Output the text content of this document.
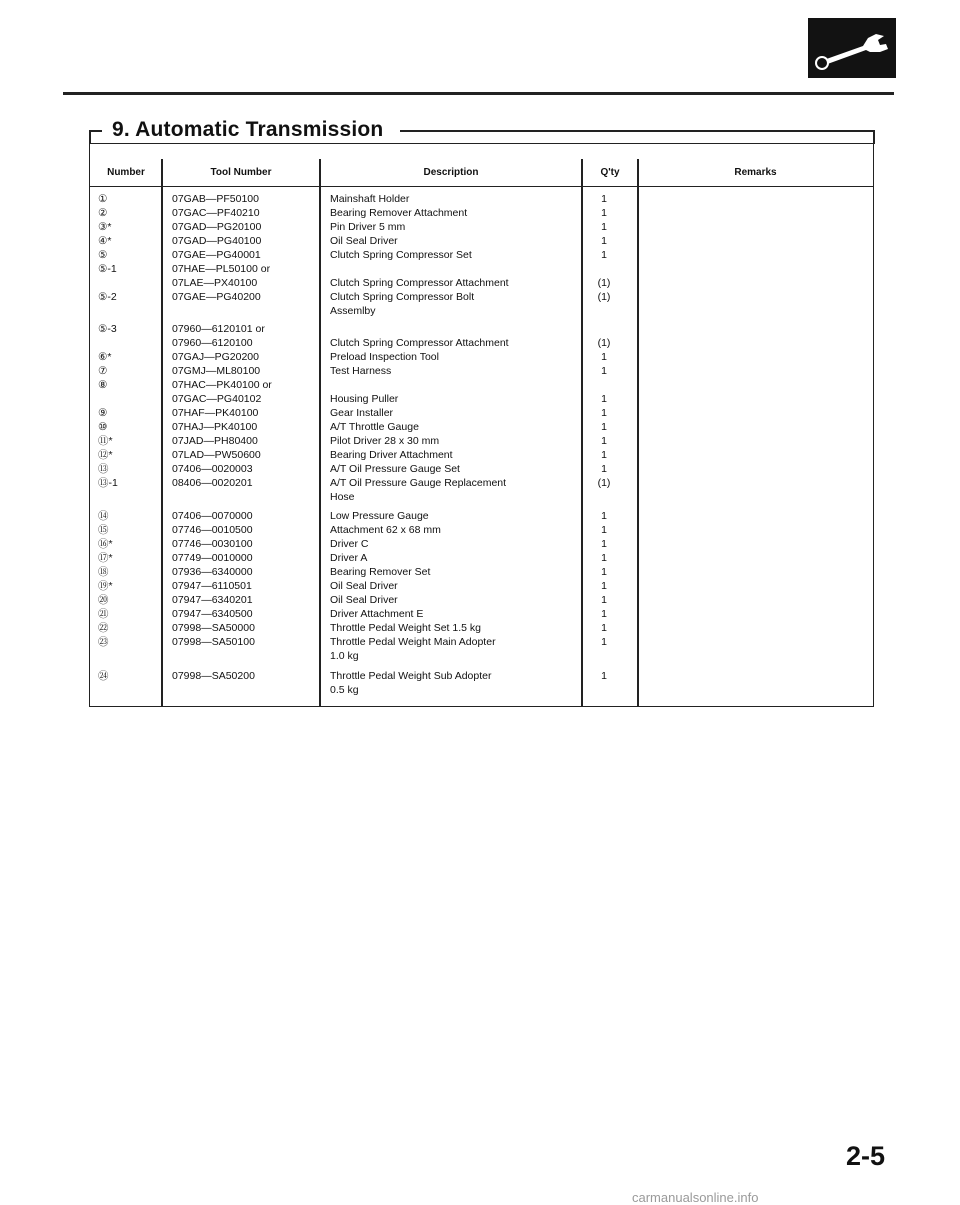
9. Automatic Transmission
Number	Tool Number	Description	Q'ty	Remarks
①	07GAB—PF50100	Mainshaft Holder	1
②	07GAC—PF40210	Bearing Remover Attachment	1
③*	07GAD—PG20100	Pin Driver 5 mm	1
④*	07GAD—PG40100	Oil Seal Driver	1
⑤	07GAE—PG40001	Clutch Spring Compressor Set	1
⑤-1	07HAE—PL50100 or
07LAE—PX40100	Clutch Spring Compressor Attachment	(1)
⑤-2	07GAE—PG40200	Clutch Spring Compressor Bolt	(1)
Assemlby
⑤-3	07960—6120101 or
07960—6120100	Clutch Spring Compressor Attachment	(1)
⑥*	07GAJ—PG20200	Preload Inspection Tool	1
⑦	07GMJ—ML80100	Test Harness	1
⑧	07HAC—PK40100 or
07GAC—PG40102	Housing Puller	1
⑨	07HAF—PK40100	Gear Installer	1
⑩	07HAJ—PK40100	A/T Throttle Gauge	1
⑪*	07JAD—PH80400	Pilot Driver 28 x 30 mm	1
⑫*	07LAD—PW50600	Bearing Driver Attachment	1
⑬	07406—0020003	A/T Oil Pressure Gauge Set	1
⑬-1	08406—0020201	A/T Oil Pressure Gauge Replacement	(1)
Hose
⑭	07406—0070000	Low Pressure Gauge	1
⑮	07746—0010500	Attachment 62 x 68 mm	1
⑯*	07746—0030100	Driver C	1
⑰*	07749—0010000	Driver A	1
⑱	07936—6340000	Bearing Remover Set	1
⑲*	07947—6110501	Oil Seal Driver	1
⑳	07947—6340201	Oil Seal Driver	1
㉑	07947—6340500	Driver Attachment E	1
㉒	07998—SA50000	Throttle Pedal Weight Set 1.5 kg	1
㉓	07998—SA50100	Throttle Pedal Weight Main Adopter	1
1.0 kg
㉔	07998—SA50200	Throttle Pedal Weight Sub Adopter	1
0.5 kg
2-5
carmanualsonline.info
